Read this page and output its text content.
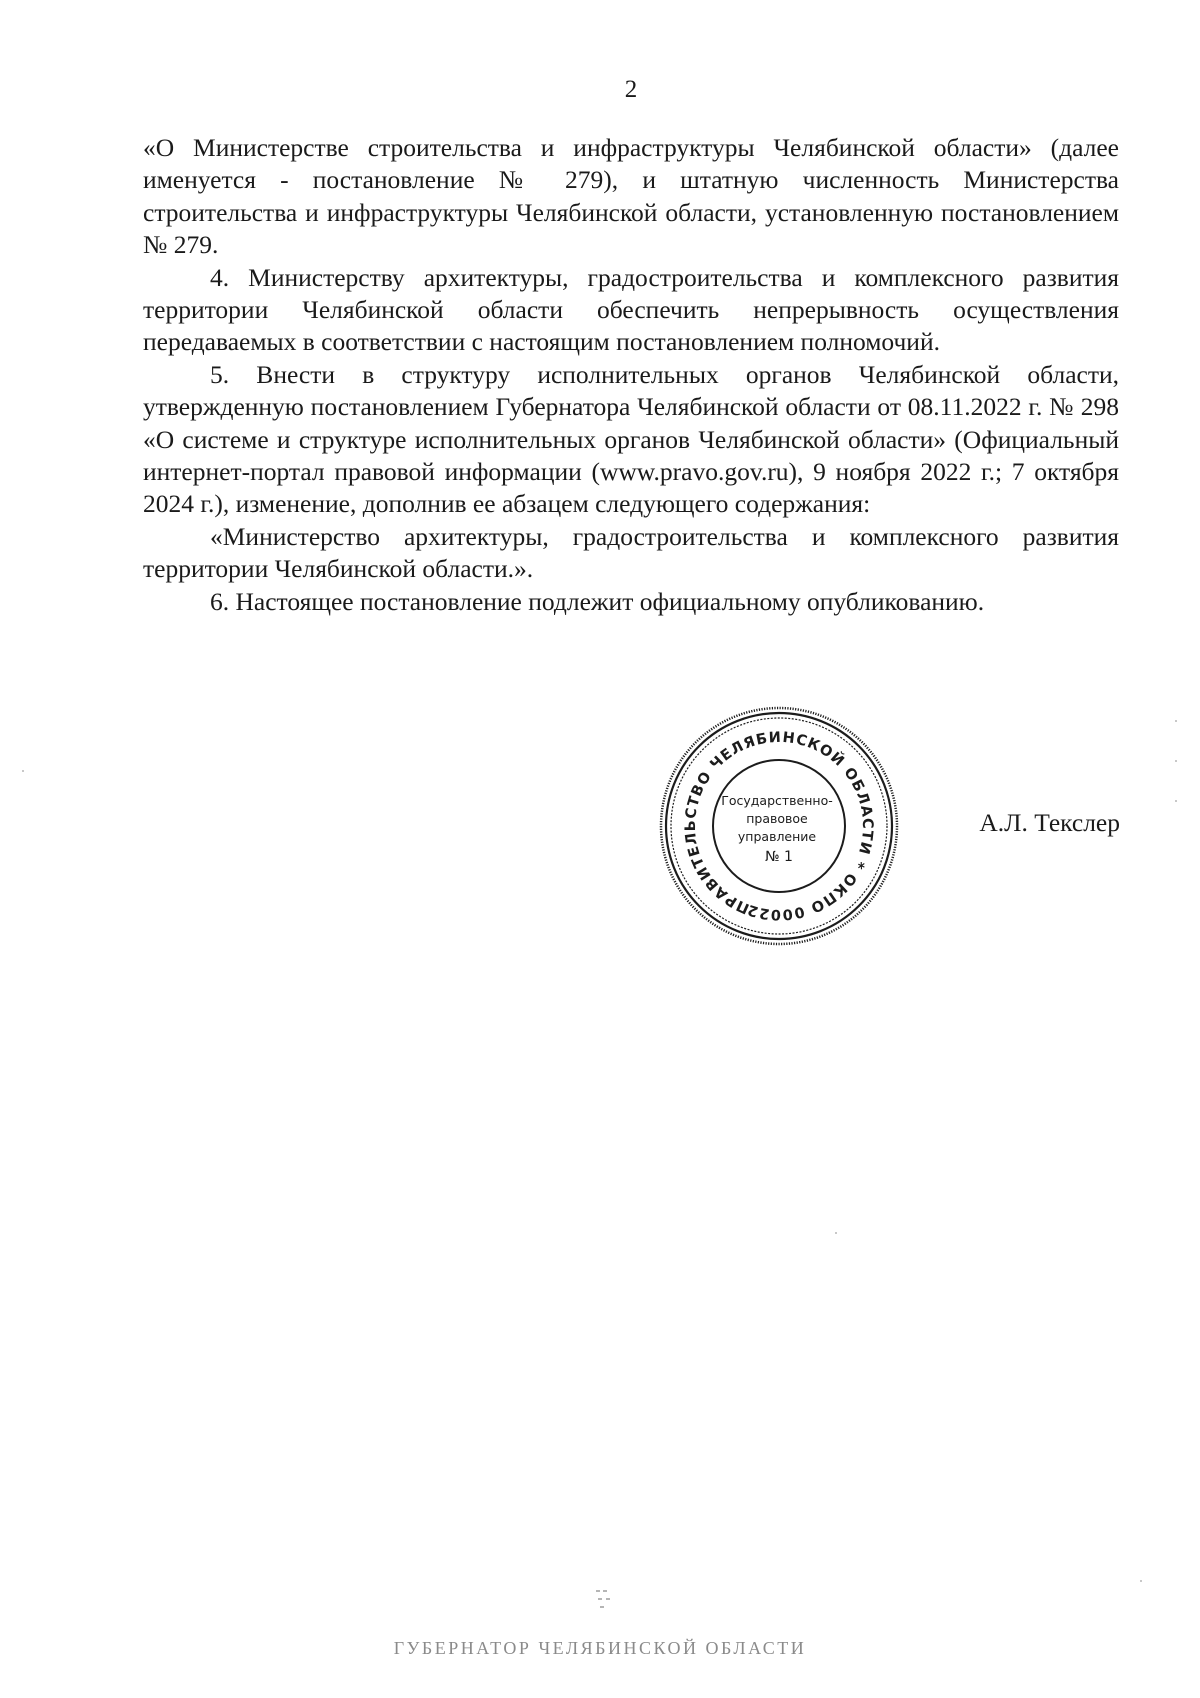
2

«О Министерстве строительства и инфраструктуры Челябинской области» (далее именуется - постановление № 279), и штатную численность Министерства строительства и инфраструктуры Челябинской области, установленную постановлением № 279.

4. Министерству архитектуры, градостроительства и комплексного развития территории Челябинской области обеспечить непрерывность осуществления передаваемых в соответствии с настоящим постановлением полномочий.

5. Внести в структуру исполнительных органов Челябинской области, утвержденную постановлением Губернатора Челябинской области от 08.11.2022 г. № 298 «О системе и структуре исполнительных органов Челябинской области» (Официальный интернет-портал правовой информации (www.pravo.gov.ru), 9 ноября 2022 г.; 7 октября 2024 г.), изменение, дополнив ее абзацем следующего содержания:

«Министерство архитектуры, градостроительства и комплексного развития территории Челябинской области.».

6. Настоящее постановление подлежит официальному опубликованию.

ПРАВИТЕЛЬСТВО ЧЕЛЯБИНСКОЙ ОБЛАСТИ * ОКПО 00022243
Государственно- правовое управление № 1
А.Л. Текслер
ГУБЕРНАТОР ЧЕЛЯБИНСКОЙ ОБЛАСТИ
